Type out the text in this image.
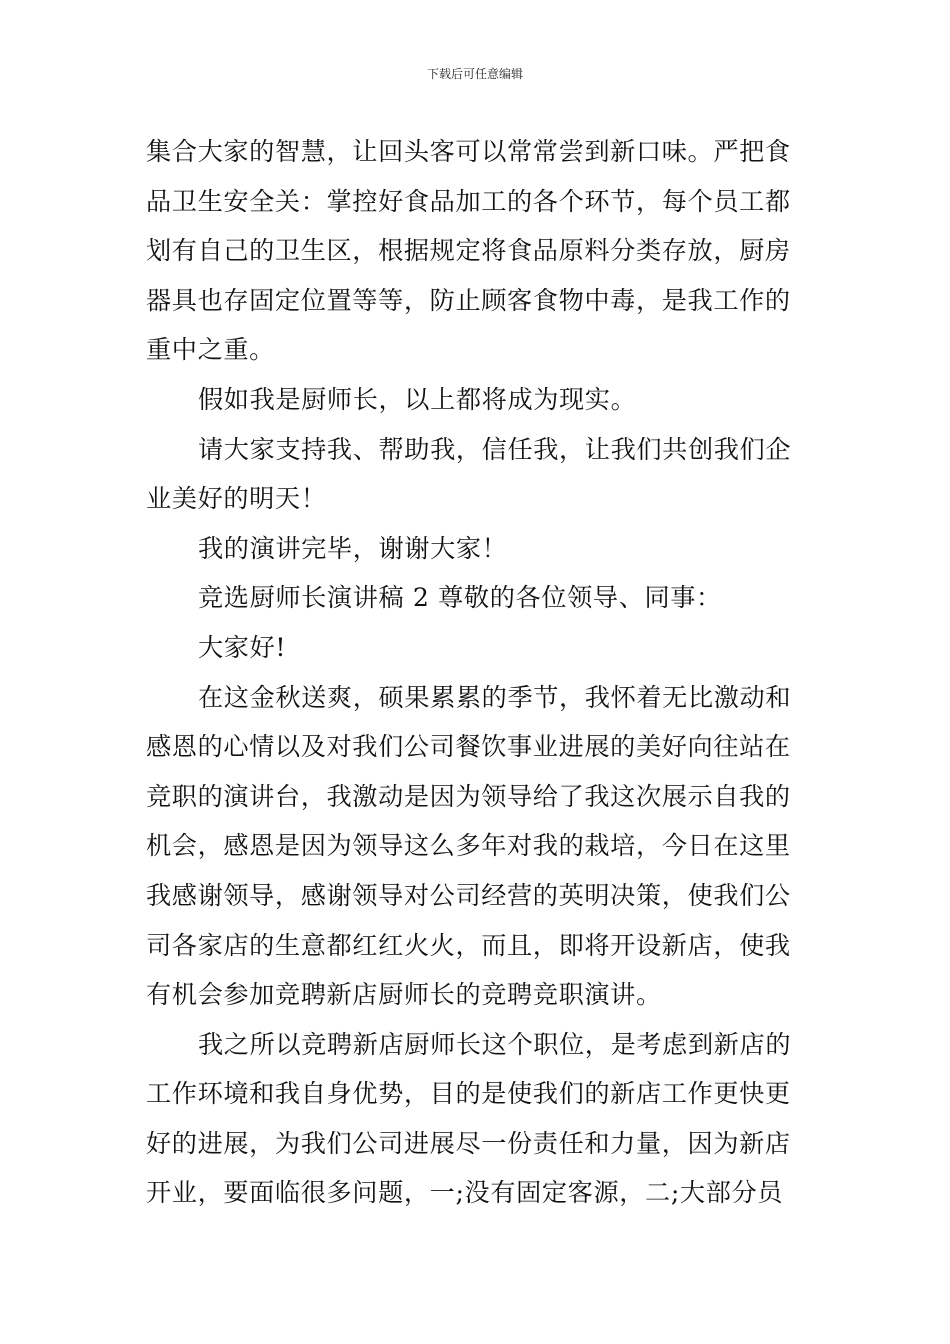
下载后可任意编辑

集合大家的智慧，让回头客可以常常尝到新口味。严把食

品卫生安全关：掌控好食品加工的各个环节，每个员工都

划有自己的卫生区，根据规定将食品原料分类存放，厨房

器具也存固定位置等等，防止顾客食物中毒，是我工作的

重中之重。

假如我是厨师长，以上都将成为现实。

请大家支持我、帮助我，信任我，让我们共创我们企

业美好的明天！

我的演讲完毕，谢谢大家！

竞选厨师长演讲稿 2 尊敬的各位领导、同事：

大家好!

在这金秋送爽，硕果累累的季节，我怀着无比激动和

感恩的心情以及对我们公司餐饮事业进展的美好向往站在

竞职的演讲台，我激动是因为领导给了我这次展示自我的

机会，感恩是因为领导这么多年对我的栽培，今日在这里

我感谢领导，感谢领导对公司经营的英明决策，使我们公

司各家店的生意都红红火火，而且，即将开设新店，使我

有机会参加竞聘新店厨师长的竞聘竞职演讲。

我之所以竞聘新店厨师长这个职位，是考虑到新店的

工作环境和我自身优势，目的是使我们的新店工作更快更

好的进展，为我们公司进展尽一份责任和力量，因为新店

开业，要面临很多问题，一;没有固定客源，二;大部分员
